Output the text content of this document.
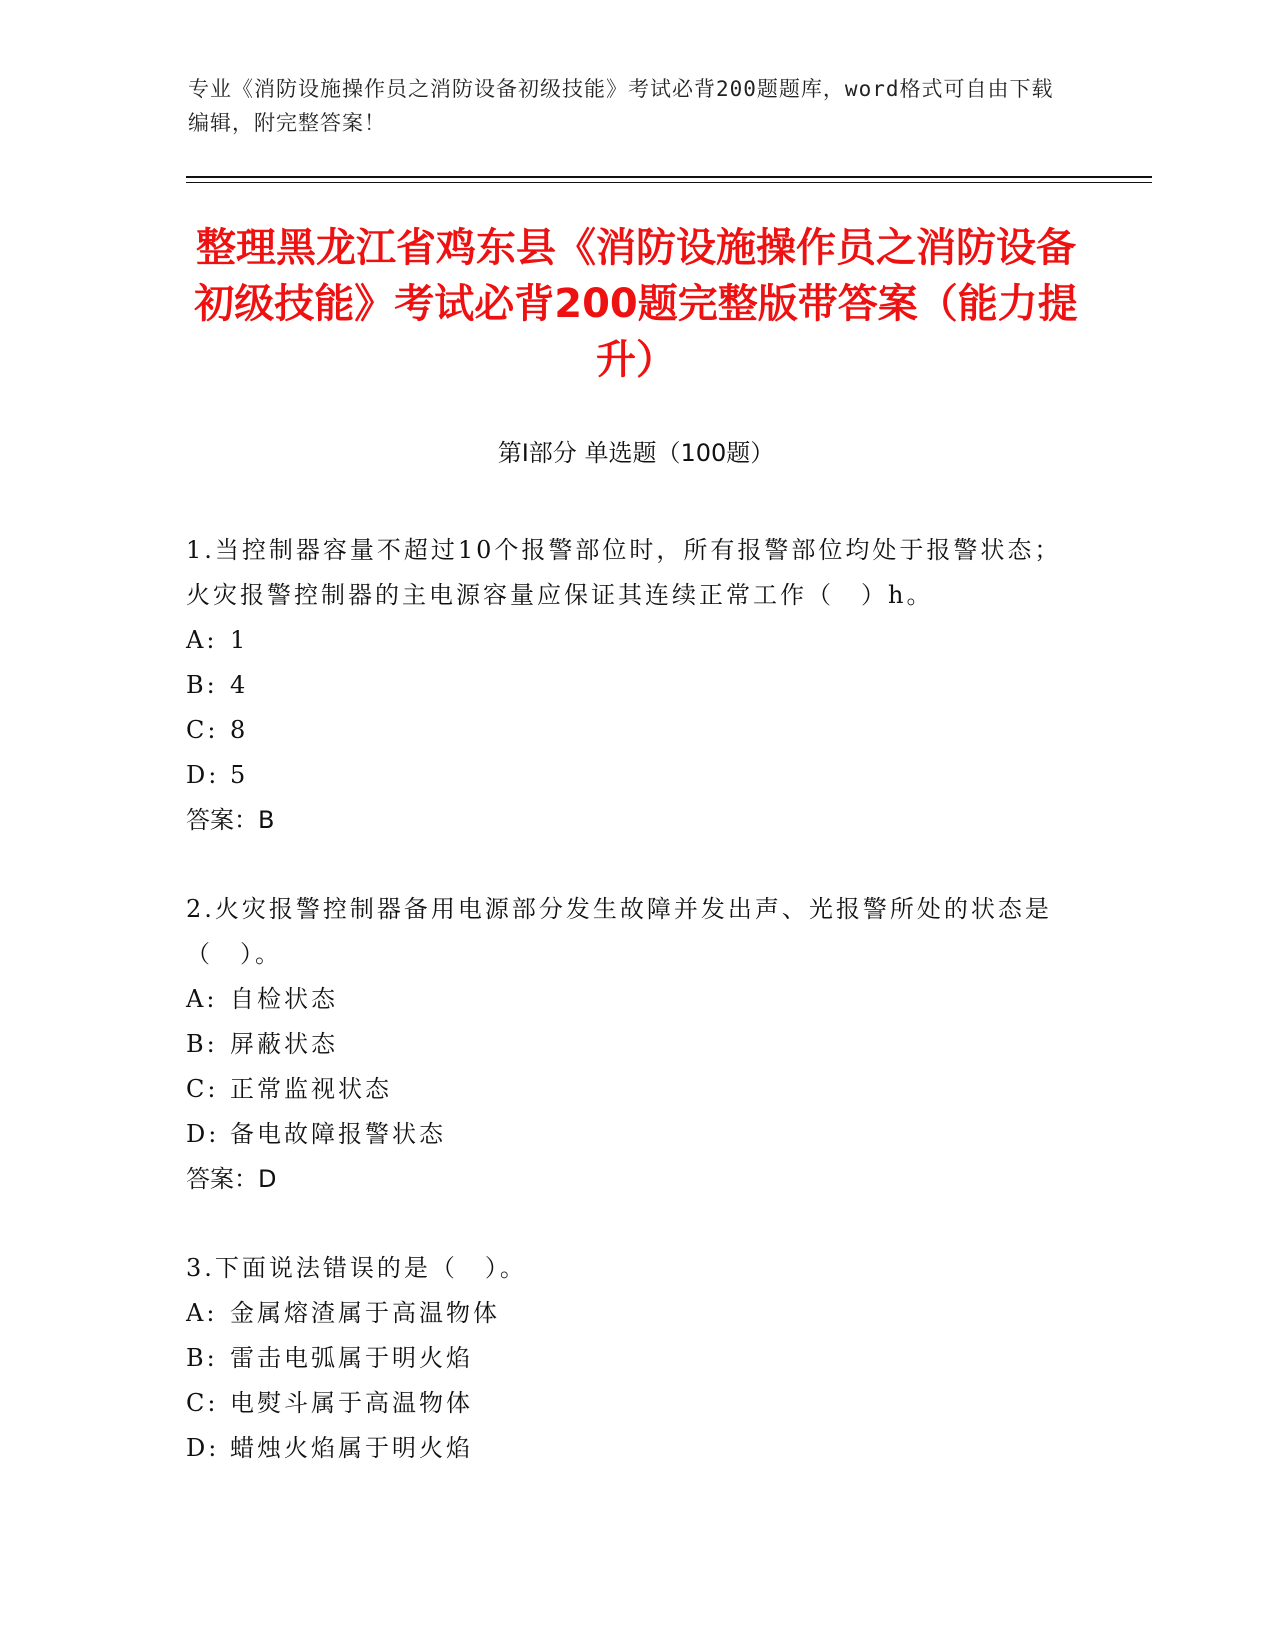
专业《消防设施操作员之消防设备初级技能》考试必背200题题库，word格式可自由下载编辑，附完整答案！
整理黑龙江省鸡东县《消防设施操作员之消防设备初级技能》考试必背200题完整版带答案（能力提升）
第I部分 单选题（100题）
1.当控制器容量不超过10个报警部位时，所有报警部位均处于报警状态；火灾报警控制器的主电源容量应保证其连续正常工作（　）h。
A: 1
B: 4
C: 8
D: 5
答案：B
2.火灾报警控制器备用电源部分发生故障并发出声、光报警所处的状态是（　）。
A: 自检状态
B: 屏蔽状态
C: 正常监视状态
D: 备电故障报警状态
答案：D
3.下面说法错误的是（　）。
A: 金属熔渣属于高温物体
B: 雷击电弧属于明火焰
C: 电熨斗属于高温物体
D: 蜡烛火焰属于明火焰
